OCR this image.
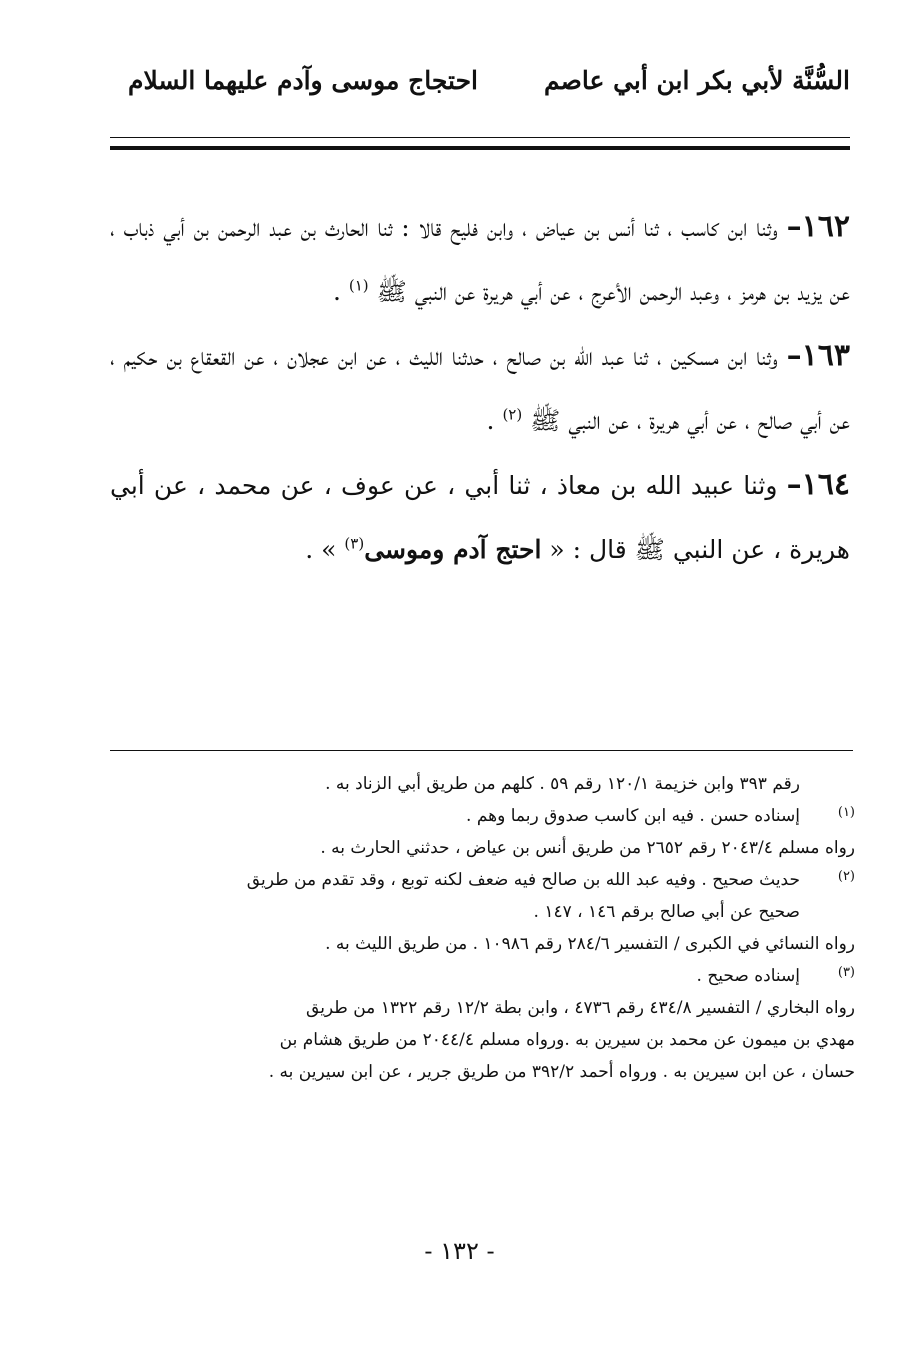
السُّنَّة لأبي بكر ابن أبي عاصم
احتجاج موسى وآدم عليهما السلام

١٦٢– وثنا ابن كاسب ، ثنا أنس بن عياض ، وابن فليح قالا : ثنا الحارث بن عبد الرحمن بن أبي ذباب ، عن يزيد بن هرمز ، وعبد الرحمن الأعرج ، عن أبي هريرة عن النبي ﷺ $^{(١)}$ .

١٦٣– وثنا ابن مسكين ، ثنا عبد الله بن صالح ، حدثنا الليث ، عن ابن عجلان ، عن القعقاع بن حكيم ، عن أبي صالح ، عن أبي هريرة ، عن النبي ﷺ $^{(٢)}$ .

١٦٤– وثنا عبيد الله بن معاذ ، ثنا أبي ، عن عوف ، عن محمد ، عن أبي هريرة ، عن النبي ﷺ قال : « احتج آدم وموسى$^{(٣)}$ » .

رقم ٣٩٣ وابن خزيمة ١٢٠/١ رقم ٥٩ . كلهم من طريق أبي الزناد به .
(١)
إسناده حسن . فيه ابن كاسب صدوق ربما وهم .
رواه مسلم ٢٠٤٣/٤ رقم ٢٦٥٢ من طريق أنس بن عياض ، حدثني الحارث به .
(٢)
حديث صحيح . وفيه عبد الله بن صالح فيه ضعف لكنه توبع ، وقد تقدم من طريق
صحيح عن أبي صالح برقم ١٤٦ ، ١٤٧ .
رواه النسائي في الكبرى / التفسير ٢٨٤/٦ رقم ١٠٩٨٦ . من طريق الليث به .
(٣)
إسناده صحيح .
رواه البخاري / التفسير ٤٣٤/٨ رقم ٤٧٣٦ ، وابن بطة ١٢/٢ رقم ١٣٢٢ من طريق
مهدي بن ميمون عن محمد بن سيرين به .ورواه مسلم ٢٠٤٤/٤ من طريق هشام بن
حسان ، عن ابن سيرين به . ورواه أحمد ٣٩٢/٢ من طريق جرير ، عن ابن سيرين به .
- ١٣٢ -
